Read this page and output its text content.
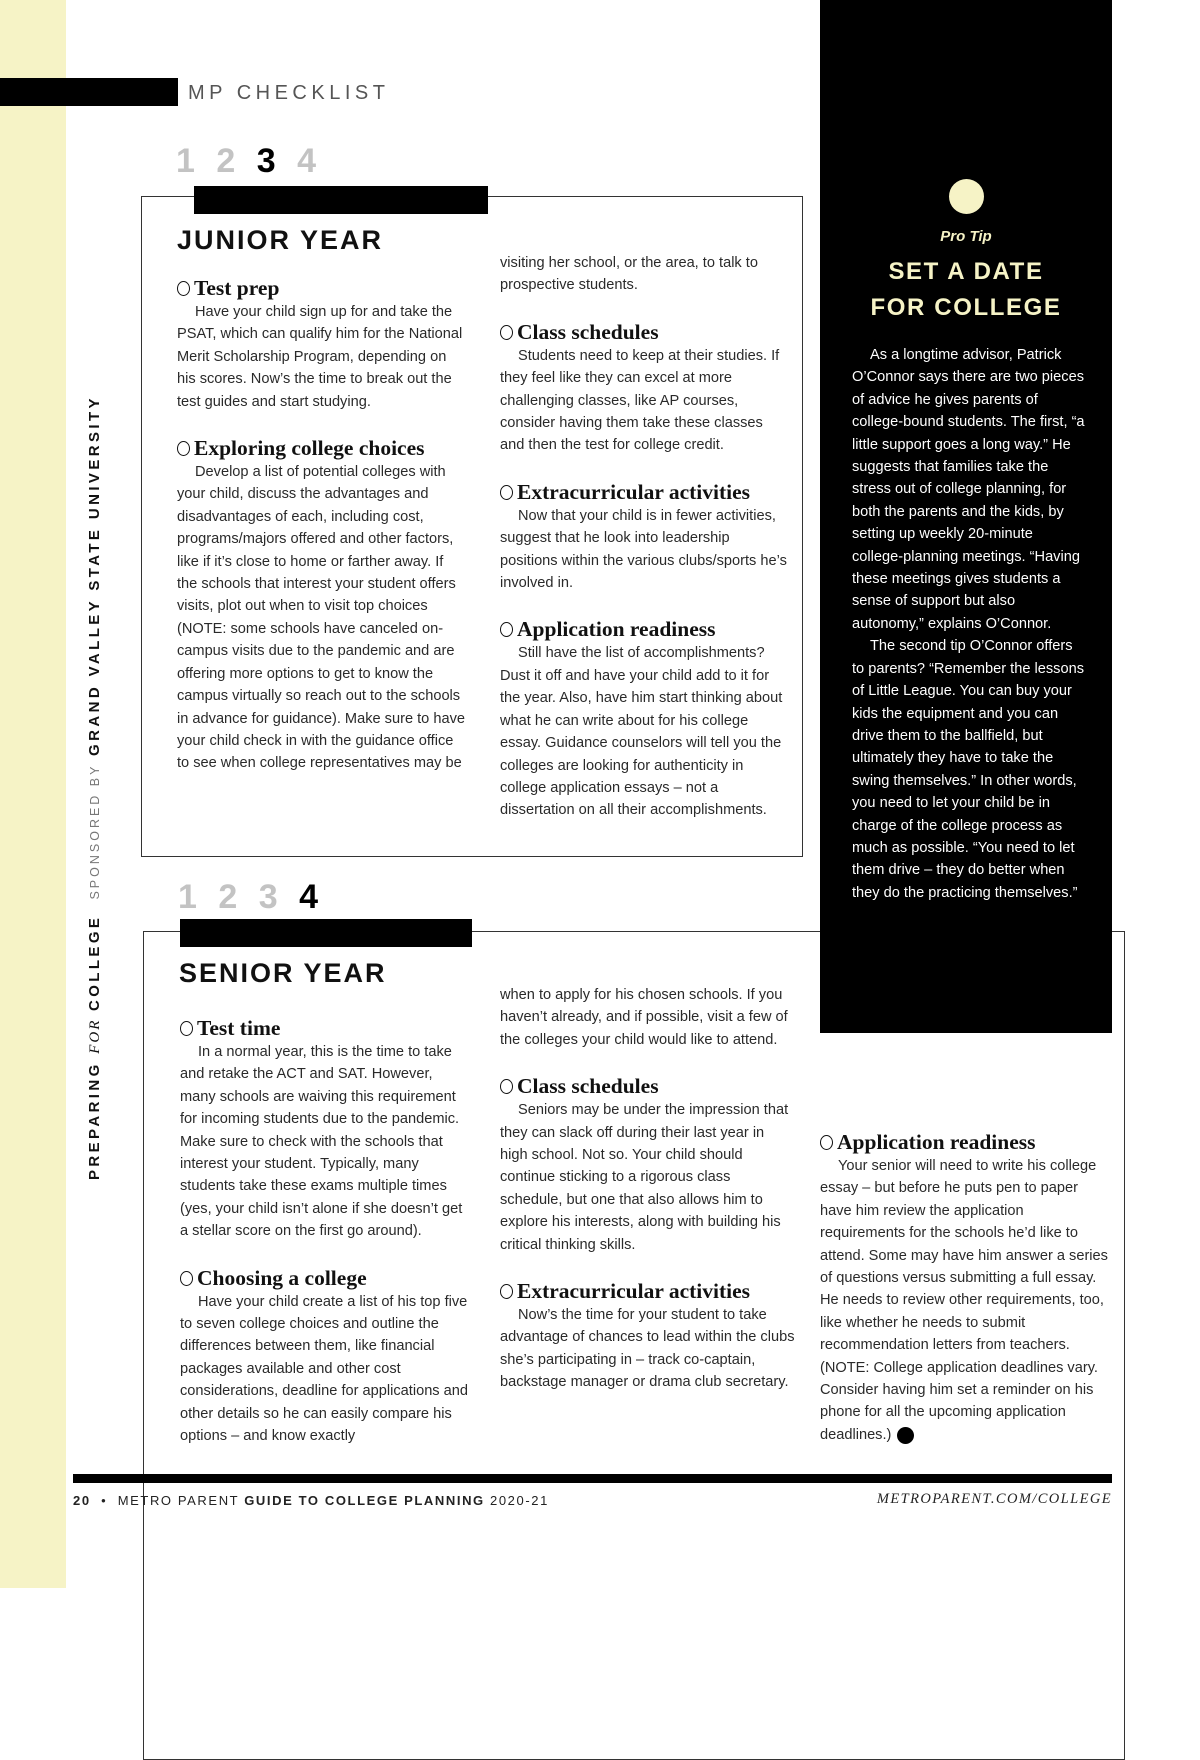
PREPARING FOR COLLEGE  SPONSORED BY GRAND VALLEY STATE UNIVERSITY
MP CHECKLIST
Pro Tip
SET A DATE
FOR COLLEGE

As a longtime advisor, Patrick O’Connor says there are two pieces of advice he gives parents of college-bound students. The first, “a little support goes a long way.” He suggests that families take the stress out of college planning, for both the parents and the kids, by setting up weekly 20-minute college-planning meetings. “Having these meetings gives students a sense of support but also autonomy,” explains O’Connor.

The second tip O’Connor offers to parents? “Remember the lessons of Little League. You can buy your kids the equipment and you can drive them to the ballfield, but ultimately they have to take the swing themselves.” In other words, you need to let your child be in charge of the college process as much as possible. “You need to let them drive – they do better when they do the practicing themselves.”

1 2 3 4
JUNIOR YEAR
Test prep

Have your child sign up for and take the PSAT, which can qualify him for the National Merit Scholarship Program, depending on his scores. Now’s the time to break out the test guides and start studying.

Exploring college choices

Develop a list of potential colleges with your child, discuss the advantages and disadvantages of each, including cost, programs/majors offered and other factors, like if it’s close to home or farther away. If the schools that interest your student offers visits, plot out when to visit top choices (NOTE: some schools have canceled on-campus visits due to the pandemic and are offering more options to get to know the campus virtually so reach out to the schools in advance for guidance). Make sure to have your child check in with the guidance office to see when college representatives may be

visiting her school, or the area, to talk to prospective students.

Class schedules

Students need to keep at their studies. If they feel like they can excel at more challenging classes, like AP courses, consider having them take these classes and then the test for college credit.

Extracurricular activities

Now that your child is in fewer activities, suggest that he look into leadership positions within the various clubs/sports he’s involved in.

Application readiness

Still have the list of accomplishments? Dust it off and have your child add to it for the year. Also, have him start thinking about what he can write about for his college essay. Guidance counselors will tell you the colleges are looking for authenticity in college application essays – not a dissertation on all their accomplishments.

1 2 3 4
SENIOR YEAR
Test time

In a normal year, this is the time to take and retake the ACT and SAT. However, many schools are waiving this requirement for incoming students due to the pandemic. Make sure to check with the schools that interest your student. Typically, many students take these exams multiple times (yes, your child isn’t alone if she doesn’t get a stellar score on the first go around).

Choosing a college

Have your child create a list of his top five to seven college choices and outline the differences between them, like financial packages available and other cost considerations, deadline for applications and other details so he can easily compare his options – and know exactly

when to apply for his chosen schools. If you haven’t already, and if possible, visit a few of the colleges your child would like to attend.

Class schedules

Seniors may be under the impression that they can slack off during their last year in high school. Not so. Your child should continue sticking to a rigorous class schedule, but one that also allows him to explore his interests, along with building his critical thinking skills.

Extracurricular activities

Now’s the time for your student to take advantage of chances to lead within the clubs she’s participating in – track co-captain, backstage manager or drama club secretary.

Application readiness

Your senior will need to write his college essay – but before he puts pen to paper have him review the application requirements for the schools he’d like to attend. Some may have him answer a series of questions versus submitting a full essay. He needs to review other requirements, too, like whether he needs to submit recommendation letters from teachers. (NOTE: College application deadlines vary. Consider having him set a reminder on his phone for all the upcoming application deadlines.) C

20 • METRO PARENT GUIDE TO COLLEGE PLANNING 2020-21	METROPARENT.COM/COLLEGE
